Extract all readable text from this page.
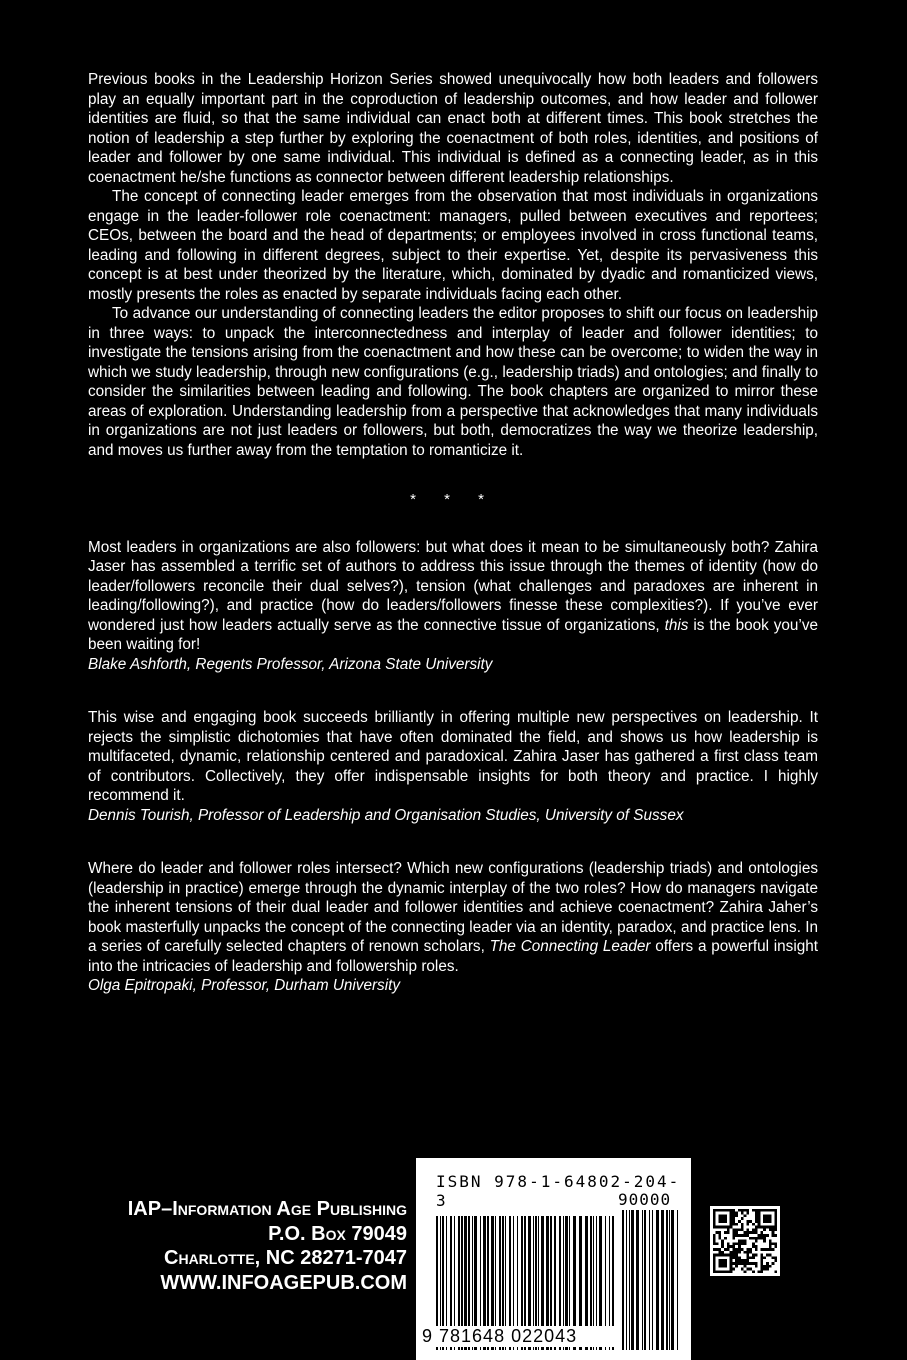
Previous books in the Leadership Horizon Series showed unequivocally how both leaders and followers play an equally important part in the coproduction of leadership outcomes, and how leader and follower identities are fluid, so that the same individual can enact both at different times. This book stretches the notion of leadership a step further by exploring the coenactment of both roles, identities, and positions of leader and follower by one same individual. This individual is defined as a connecting leader, as in this coenactment he/she functions as connector between different leadership relationships.

The concept of connecting leader emerges from the observation that most individuals in organizations engage in the leader-follower role coenactment: managers, pulled between executives and reportees; CEOs, between the board and the head of departments; or employees involved in cross functional teams, leading and following in different degrees, subject to their expertise. Yet, despite its pervasiveness this concept is at best under theorized by the literature, which, dominated by dyadic and romanticized views, mostly presents the roles as enacted by separate individuals facing each other.

To advance our understanding of connecting leaders the editor proposes to shift our focus on leadership in three ways: to unpack the interconnectedness and interplay of leader and follower identities; to investigate the tensions arising from the coenactment and how these can be overcome; to widen the way in which we study leadership, through new configurations (e.g., leadership triads) and ontologies; and finally to consider the similarities between leading and following. The book chapters are organized to mirror these areas of exploration. Understanding leadership from a perspective that acknowledges that many individuals in organizations are not just leaders or followers, but both, democratizes the way we theorize leadership, and moves us further away from the temptation to romanticize it.

* * *

Most leaders in organizations are also followers: but what does it mean to be simultaneously both? Zahira Jaser has assembled a terrific set of authors to address this issue through the themes of identity (how do leader/followers reconcile their dual selves?), tension (what challenges and paradoxes are inherent in leading/following?), and practice (how do leaders/followers finesse these complexities?). If you’ve ever wondered just how leaders actually serve as the connective tissue of organizations, this is the book you’ve been waiting for!

Blake Ashforth, Regents Professor, Arizona State University

This wise and engaging book succeeds brilliantly in offering multiple new perspectives on leadership. It rejects the simplistic dichotomies that have often dominated the field, and shows us how leadership is multifaceted, dynamic, relationship centered and paradoxical. Zahira Jaser has gathered a first class team of contributors. Collectively, they offer indispensable insights for both theory and practice. I highly recommend it.

Dennis Tourish, Professor of Leadership and Organisation Studies, University of Sussex

Where do leader and follower roles intersect? Which new configurations (leadership triads) and ontologies (leadership in practice) emerge through the dynamic interplay of the two roles? How do managers navigate the inherent tensions of their dual leader and follower identities and achieve coenactment? Zahira Jaher’s book masterfully unpacks the concept of the connecting leader via an identity, paradox, and practice lens. In a series of carefully selected chapters of renown scholars, The Connecting Leader offers a powerful insight into the intricacies of leadership and followership roles.

Olga Epitropaki, Professor, Durham University

IAP–Information Age Publishing
P.O. Box 79049
Charlotte, NC 28271-7047
WWW.INFOAGEPUB.COM
ISBN 978-1-64802-204-3	90000
9 781648 022043
